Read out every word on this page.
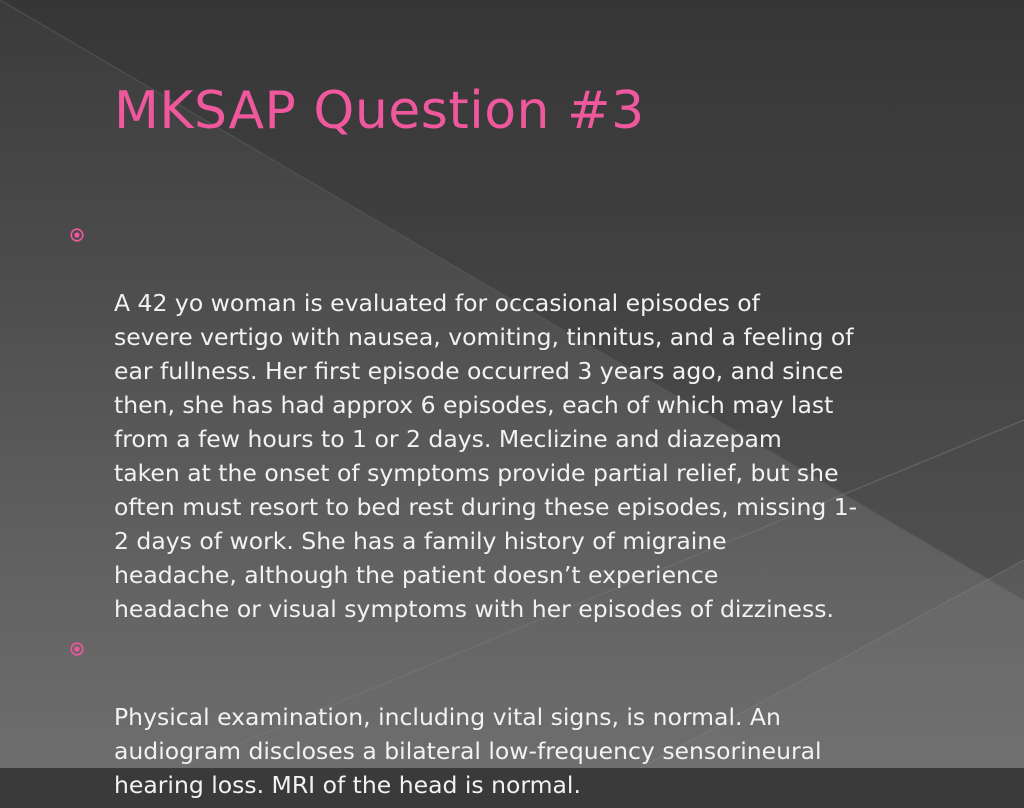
MKSAP Question #3

A 42 yo woman is evaluated for occasional episodes of
severe vertigo with nausea, vomiting, tinnitus, and a feeling of
ear fullness. Her first episode occurred 3 years ago, and since
then, she has had approx 6 episodes, each of which may last
from a few hours to 1 or 2 days. Meclizine and diazepam
taken at the onset of symptoms provide partial relief, but she
often must resort to bed rest during these episodes, missing 1-
2 days of work. She has a family history of migraine
headache, although the patient doesn’t experience
headache or visual symptoms with her episodes of dizziness.

Physical examination, including vital signs, is normal. An
audiogram discloses a bilateral low-frequency sensorineural
hearing loss. MRI of the head is normal.
